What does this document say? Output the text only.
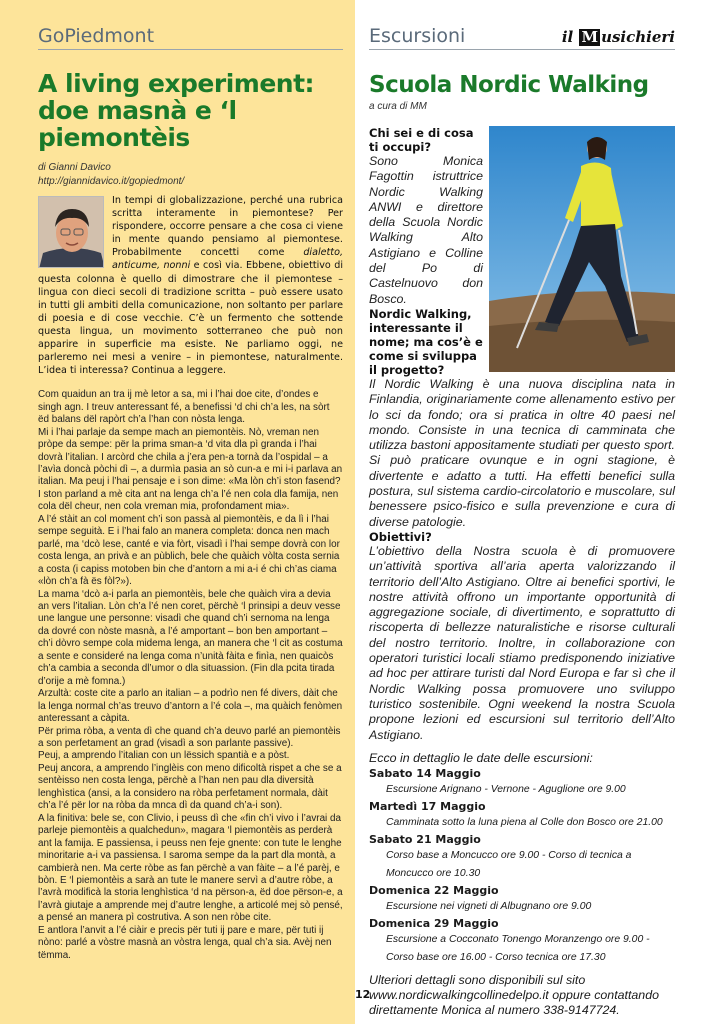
GoPiedmont
A living experiment:
doe masnà e ‘l piemontèis
di Gianni Davico
http://giannidavico.it/gopiedmont/
In tempi di globalizzazione, perché una rubrica scritta interamente in piemontese? Per rispondere, occorre pensare a che cosa ci viene in mente quando pensiamo al piemontese. Probabilmente concetti come dialetto, anticume, nonni e così via. Ebbene, obiettivo di questa colonna è quello di dimostrare che il piemontese – lingua con dieci secoli di tradizione scritta – può essere usato in tutti gli ambiti della comunicazione, non soltanto per parlare di poesia e di cose vecchie. C’è un fermento che sottende questa lingua, un movimento sotterraneo che può non apparire in superficie ma esiste. Ne parliamo oggi, ne parleremo nei mesi a venire – in piemontese, naturalmente. L’idea ti interessa? Continua a leggere.
Com quaidun an tra ij mè letor a sa, mi i l’hai doe cite, d’ondes e singh agn. I treuv anteressant fé, a benefissi ‘d chi ch’a les, na sòrt ëd balans dël rapòrt ch’a l’han con nòsta lenga.
Mi i l’hai parlaje da sempe mach an piemontèis. Nò, vreman nen pròpe da sempe: për la prima sman-a ‘d vita dla pì granda i l’hai dovrà l’italian. I arcòrd che chila a j’era pen-a tornà da l’ospidal – a l’avìa doncà pòchi dì –, a durmìa pasia an sò cun-a e mi i-i parlava an italian. Ma peuj i l’hai pensaje e i son dime: «Ma lòn ch’i ston fasend? I ston parland a mè cita ant na lenga ch’a l’é nen cola dla famija, nen cola dël cheur, nen cola vreman mia, profondament mia».
A l’é stàit an col moment ch’i son passà al piemontèis, e da lì i l’hai sempe seguità. E i l’hai falo an manera completa: donca nen mach parlé, ma ‘dcò lese, canté e via fòrt, visadì i l’hai sempe dovrà con lor costa lenga, an privà e an pùblich, bele che quàich vòlta costa sernia a costa (i capiss motoben bin che d’antorn a mi a-i é chi ch’as ciama «lòn ch’a fà ës fòl?»).
La mama ‘dcò a-i parla an piemontèis, bele che quàich vira a devia an vers l’italian. Lòn ch’a l’é nen coret, përchè ‘l prinsipi a deuv vesse une langue une personne: visadì che quand ch’i sernoma na lenga da dovré con nòste masnà, a l’é amportant – bon ben amportant – ch’i dòvro sempe cola midema lenga, an manera che ‘l cit as costuma a sente e consideré na lenga coma n’unità fàita e finìa, nen quaicòs ch’a cambia a seconda dl’umor o dla situassion. (Fin dla pcita tirada d’orije a mè fomna.)
Arzultà: coste cite a parlo an italian – a podrìo nen fé divers, dàit che la lenga normal ch’as treuvo d’antorn a l’é cola –, ma quàich fenòmen anteressant a càpita.
Për prima ròba, a venta dì che quand ch’a deuvo parlé an piemontèis a son perfetament an grad (visadì a son parlante passive).
Peuj, a amprendo l’italian con un lëssich spantià e a pòst.
Peuj ancora, a amprendo l’inglèis con meno dificoltà rispet a che se a sentèisso nen costa lenga, përchè a l’han nen pau dla diversità lenghìstica (ansi, a la considero na ròba perfetament normala, dàit ch’a l’é për lor na ròba da mnca dì da quand ch’a-i son).
A la finitiva: bele se, con Clivio, i peuss dì che «fin ch’i vivo i l’avrai da parleje piemontèis a qualchedun», magara ‘l piemontèis as perderà ant la famija. E passiensa, i peuss nen feje gnente: con tute le lenghe minoritarie a-i va passiensa. I saroma sempe da la part dla montà, a cambierà nen. Ma certe ròbe as fan përchè a van fàite – a l’é parèj, e bòn. E ‘l piemontèis a sarà an tute le manere servì a d’autre ròbe, a l’avrà modificà la storia lenghìstica ‘d na përson-a, ëd doe përson-e, a l’avrà giutaje a amprende mej d’autre lenghe, a articolé mej sò pensé, a pensé an manera pì costrutiva. A son nen ròbe cite.
E antlora l’anvit a l’é ciàir e precis për tuti ij pare e mare, për tuti ij nòno: parlé a vòstre masnà an vòstra lenga, qual ch’a sia. Avèj nen tëmma.
Escursioni	il M usichieri
Scuola Nordic Walking
a cura di MM
Chi sei e di cosa ti occupi?
Sono Monica Fagottin istruttrice Nordic Walking ANWI e direttore della Scuola Nordic Walking Alto Astigiano e Colline del Po di Castelnuovo don Bosco.
Nordic Walking, interessante il nome; ma cos’è e come si sviluppa il progetto?
Il Nordic Walking è una nuova disciplina nata in Finlandia, originariamente come allenamento estivo per lo sci da fondo; ora si pratica in oltre 40 paesi nel mondo. Consiste in una tecnica di camminata che utilizza bastoni appositamente studiati per questo sport. Si può praticare ovunque e in ogni stagione, è divertente e adatto a tutti. Ha effetti benefici sulla postura, sul sistema cardio-circolatorio e muscolare, sul benessere psico-fisico e sulla prevenzione e cura di diverse patologie.
Obiettivi?
L’obiettivo della Nostra scuola è di promuovere un’attività sportiva all’aria aperta valorizzando il territorio dell’Alto Astigiano. Oltre ai benefici sportivi, le nostre attività offrono un importante opportunità di aggregazione sociale, di divertimento, e soprattutto di riscoperta di bellezze naturalistiche e risorse culturali del nostro territorio. Inoltre, in collaborazione con operatori turistici locali stiamo predisponendo iniziative ad hoc per attirare turisti dal Nord Europa e far sì che il Nordic Walking possa promuovere uno sviluppo turistico sostenibile. Ogni weekend la nostra Scuola propone lezioni ed escursioni sul territorio dell’Alto Astigiano.
Ecco in dettaglio le date delle escursioni:
Sabato 14 Maggio
Escursione Arignano - Vernone - Aguglione ore 9.00
Martedì 17 Maggio
Camminata sotto la luna piena al Colle don Bosco ore 21.00
Sabato 21 Maggio
Corso base a Moncucco ore 9.00 - Corso di tecnica a Moncucco ore 10.30
Domenica 22 Maggio
Escursione nei vigneti di Albugnano ore 9.00
Domenica 29 Maggio
Escursione a Cocconato Tonengo Moranzengo ore 9.00 - Corso base ore 16.00 - Corso tecnica ore 17.30
Ulteriori dettagli sono disponibili sul sito www.nordicwalkingcollinedelpo.it oppure contattando direttamente Monica al numero 338-9147724.
12
